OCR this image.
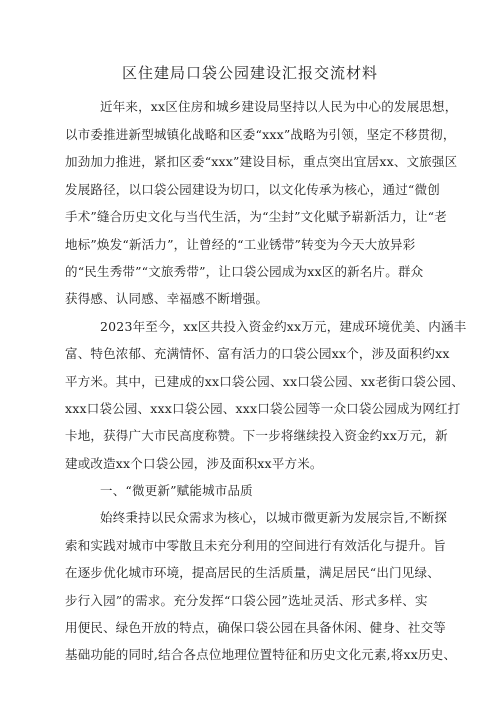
区住建局口袋公园建设汇报交流材料
近年来，xx区住房和城乡建设局坚持以人民为中心的发展思想，
以市委推进新型城镇化战略和区委“xxx”战略为引领，坚定不移贯彻，
加劲加力推进，紧扣区委“xxx”建设目标，重点突出宜居xx、文旅强区
发展路径，以口袋公园建设为切口，以文化传承为核心，通过“微创
手术”缝合历史文化与当代生活，为“尘封”文化赋予崭新活力，让“老
地标”焕发“新活力”，让曾经的“工业锈带”转变为今天大放异彩
的“民生秀带”“文旅秀带”，让口袋公园成为xx区的新名片。群众
获得感、认同感、幸福感不断增强。
2023年至今，xx区共投入资金约xx万元，建成环境优美、内涵丰
富、特色浓郁、充满情怀、富有活力的口袋公园xx个，涉及面积约xx
平方米。其中，已建成的xx口袋公园、xx口袋公园、xx老街口袋公园、
xxx口袋公园、xxx口袋公园、xxx口袋公园等一众口袋公园成为网红打
卡地，获得广大市民高度称赞。下一步将继续投入资金约xx万元，新
建或改造xx个口袋公园，涉及面积xx平方米。
一、“微更新”赋能城市品质
始终秉持以民众需求为核心，以城市微更新为发展宗旨,不断探
索和实践对城市中零散且未充分利用的空间进行有效活化与提升。旨
在逐步优化城市环境，提高居民的生活质量，满足居民“出门见绿、
步行入园”的需求。充分发挥“口袋公园”选址灵活、形式多样、实
用便民、绿色开放的特点，确保口袋公园在具备休闲、健身、社交等
基础功能的同时,结合各点位地理位置特征和历史文化元素,将xx历史、
